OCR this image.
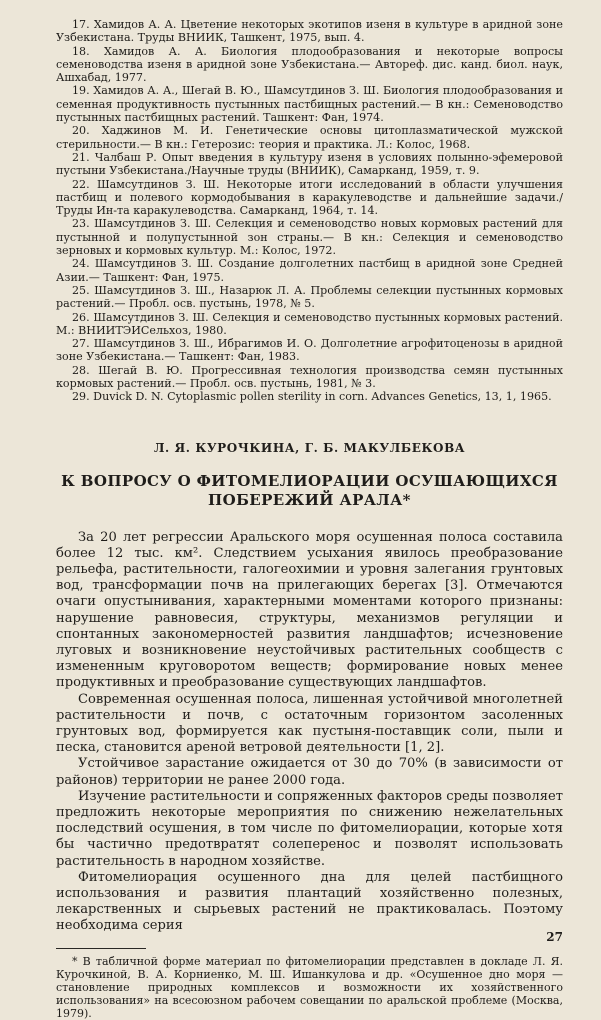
17. Хамидов А. А. Цветение некоторых экотипов изеня в культуре в аридной зоне Узбекистана. Труды ВНИИК, Ташкент, 1975, вып. 4.

18. Хамидов А. А. Биология плодообразования и некоторые вопросы семеноводства изеня в аридной зоне Узбекистана.— Автореф. дис. канд. биол. наук, Ашхабад, 1977.

19. Хамидов А. А., Шегай В. Ю., Шамсутдинов З. Ш. Биология плодообразования и семенная продуктивность пустынных пастбищных растений.— В кн.: Семеноводство пустынных пастбищных растений. Ташкент: Фан, 1974.

20. Хаджинов М. И. Генетические основы цитоплазматической мужской стерильности.— В кн.: Гетерозис: теория и практика. Л.: Колос, 1968.

21. Чалбаш Р. Опыт введения в культуру изеня в условиях полынно-эфемеровой пустыни Узбекистана./Научные труды (ВНИИК), Самарканд, 1959, т. 9.

22. Шамсутдинов З. Ш. Некоторые итоги исследований в области улучшения пастбищ и полевого кормодобывания в каракулеводстве и дальнейшие задачи./Труды Ин-та каракулеводства. Самарканд, 1964, т. 14.

23. Шамсутдинов З. Ш. Селекция и семеноводство новых кормовых растений для пустынной и полупустынной зон страны.— В кн.: Селекция и семеноводство зерновых и кормовых культур. М.: Колос, 1972.

24. Шамсутдинов З. Ш. Создание долголетних пастбищ в аридной зоне Средней Азии.— Ташкент: Фан, 1975.

25. Шамсутдинов З. Ш., Назарюк Л. А. Проблемы селекции пустынных кормовых растений.— Пробл. осв. пустынь, 1978, № 5.

26. Шамсутдинов З. Ш. Селекция и семеноводство пустынных кормовых растений. М.: ВНИИТЭИСельхоз, 1980.

27. Шамсутдинов З. Ш., Ибрагимов И. О. Долголетние агрофитоценозы в аридной зоне Узбекистана.— Ташкент: Фан, 1983.

28. Шегай В. Ю. Прогрессивная технология производства семян пустынных кормовых растений.— Пробл. осв. пустынь, 1981, № 3.

29. Duvick D. N. Cytoplasmic pollen sterility in corn. Advances Genetics, 13, 1, 1965.

Л. Я. КУРОЧКИНА, Г. Б. МАКУЛБЕКОВА
К ВОПРОСУ О ФИТОМЕЛИОРАЦИИ ОСУШАЮЩИХСЯ
ПОБЕРЕЖИЙ АРАЛА*

За 20 лет регрессии Аральского моря осушенная полоса составила более 12 тыс. км². Следствием усыхания явилось преобразование рельефа, растительности, галогеохимии и уровня залегания грунтовых вод, трансформации почв на прилегающих берегах [3]. Отмечаются очаги опустынивания, характерными моментами которого признаны: нарушение равновесия, структуры, механизмов регуляции и спонтанных закономерностей развития ландшафтов; исчезновение луговых и возникновение неустойчивых растительных сообществ с измененным круговоротом веществ; формирование новых менее продуктивных и преобразование существующих ландшафтов.

Современная осушенная полоса, лишенная устойчивой многолетней растительности и почв, с остаточным горизонтом засоленных грунтовых вод, формируется как пустыня-поставщик соли, пыли и песка, становится ареной ветровой деятельности [1, 2].

Устойчивое зарастание ожидается от 30 до 70% (в зависимости от районов) территории не ранее 2000 года.

Изучение растительности и сопряженных факторов среды позволяет предложить некоторые мероприятия по снижению нежелательных последствий осушения, в том числе по фитомелиорации, которые хотя бы частично предотвратят солеперенос и позволят использовать растительность в народном хозяйстве.

Фитомелиорация осушенного дна для целей пастбищного использования и развития плантаций хозяйственно полезных, лекарственных и сырьевых растений не практиковалась. Поэтому необходима серия

* В табличной форме материал по фитомелиорации представлен в докладе Л. Я. Курочкиной, В. А. Корниенко, М. Ш. Ишанкулова и др. «Осушенное дно моря — становление природных комплексов и возможности их хозяйственного использования» на всесоюзном рабочем совещании по аральской проблеме (Москва, 1979).

27
